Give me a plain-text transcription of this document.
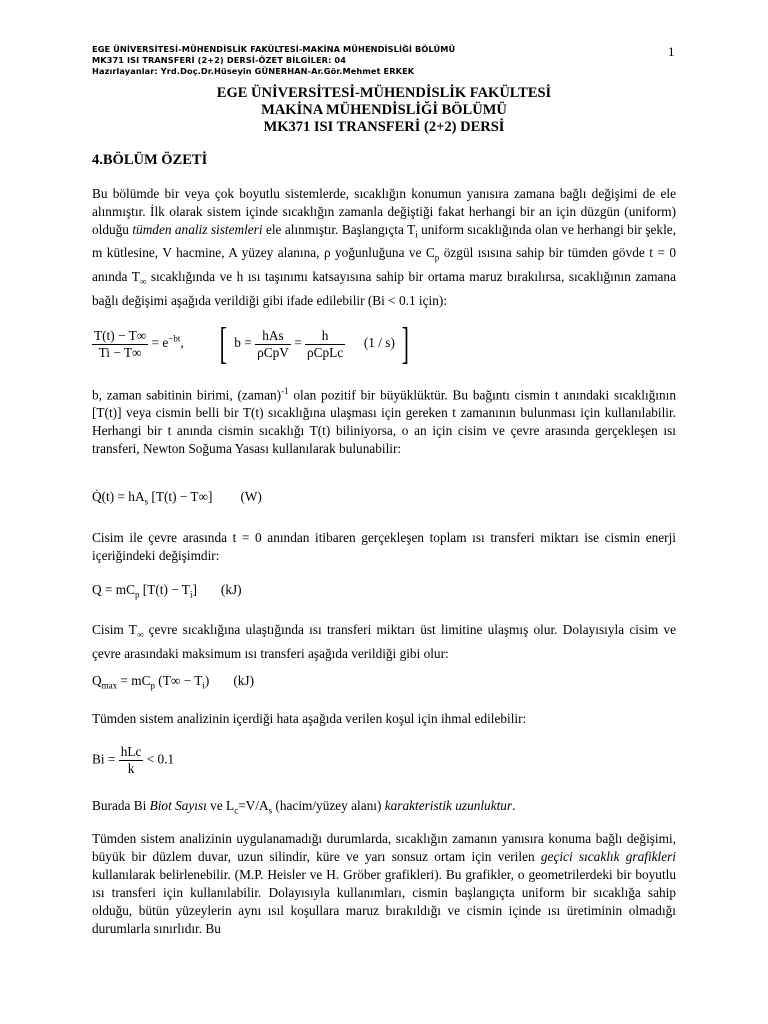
EGE ÜNİVERSİTESİ-MÜHENDİSLİK FAKÜLTESİ-MAKİNA MÜHENDİSLİĞİ BÖLÜMÜ
MK371 ISI TRANSFERİ (2+2) DERSİ-ÖZET BİLGİLER: 04
Hazırlayanlar: Yrd.Doç.Dr.Hüseyin GÜNERHAN-Ar.Gör.Mehmet ERKEK
1
EGE ÜNİVERSİTESİ-MÜHENDİSLİK FAKÜLTESİ
MAKİNA MÜHENDİSLİĞİ BÖLÜMÜ
MK371 ISI TRANSFERİ (2+2) DERSİ
4.BÖLÜM ÖZETİ
Bu bölümde bir veya çok boyutlu sistemlerde, sıcaklığın konumun yanısıra zamana bağlı değişimi de ele alınmıştır. İlk olarak sistem içinde sıcaklığın zamanla değiştiği fakat herhangi bir an için düzgün (uniform) olduğu tümden analiz sistemleri ele alınmıştır. Başlangıçta $T_i$ uniform sıcaklığında olan ve herhangi bir şekle, m kütlesine, V hacmine, A yüzey alanına, ρ yoğunluğuna ve $C_p$ özgül ısısına sahip bir tümden gövde t = 0 anında $T_\infty$ sıcaklığında ve h ısı taşınımı katsayısına sahip bir ortama maruz bırakılırsa, sıcaklığının zamana bağlı değişimi aşağıda verildiği gibi ifade edilebilir (Bi < 0.1 için):
$\frac{T(t) - T\infty}{Ti - T\infty} = e^{-bt}$, [ $b = \frac{\text{hAs}}{\text{ρCpV}} = \frac{h}{\text{ρCpLc}} (1 / s)$ ]
b, zaman sabitinin birimi, (zaman)$^{-1}$ olan pozitif bir büyüklüktür. Bu bağıntı cismin t anındaki sıcaklığının [T(t)] veya cismin belli bir T(t) sıcaklığına ulaşması için gereken t zamanının bulunması için kullanılabilir. Herhangi bir t anında cismin sıcaklığı T(t) biliniyorsa, o an için cisim ve çevre arasında gerçekleşen ısı transferi, Newton Soğuma Yasası kullanılarak bulunabilir:
Q̇(t) = $hA_s$ [T(t) − T∞] (W)
Cisim ile çevre arasında t = 0 anından itibaren gerçekleşen toplam ısı transferi miktarı ise cismin enerji içeriğindeki değişimdir:
$Q = mC_p$ $[T(t) - T_i]$ (kJ)
Cisim $T_\infty$ çevre sıcaklığına ulaştığında ısı transferi miktarı üst limitine ulaşmış olur. Dolayısıyla cisim ve çevre arasındaki maksimum ısı transferi aşağıda verildiği gibi olur:
$Q_{max} = mC_p$ $(T\infty - T_i)$ (kJ)
Tümden sistem analizinin içerdiği hata aşağıda verilen koşul için ihmal edilebilir:
$Bi = \frac{\text{hLc}}{k} < 0.1$
Burada Bi Biot Sayısı ve $L_c=V/A_s$ (hacim/yüzey alanı) karakteristik uzunluktur.
Tümden sistem analizinin uygulanamadığı durumlarda, sıcaklığın zamanın yanısıra konuma bağlı değişimi, büyük bir düzlem duvar, uzun silindir, küre ve yarı sonsuz ortam için verilen geçici sıcaklık grafikleri kullanılarak belirlenebilir. (M.P. Heisler ve H. Gröber grafikleri). Bu grafikler, o geometrilerdeki bir boyutlu ısı transferi için kullanılabilir. Dolayısıyla kullanımları, cismin başlangıçta uniform bir sıcaklığa sahip olduğu, bütün yüzeylerin aynı ısıl koşullara maruz bırakıldığı ve cismin içinde ısı üretiminin olmadığı durumlarla sınırlıdır. Bu
